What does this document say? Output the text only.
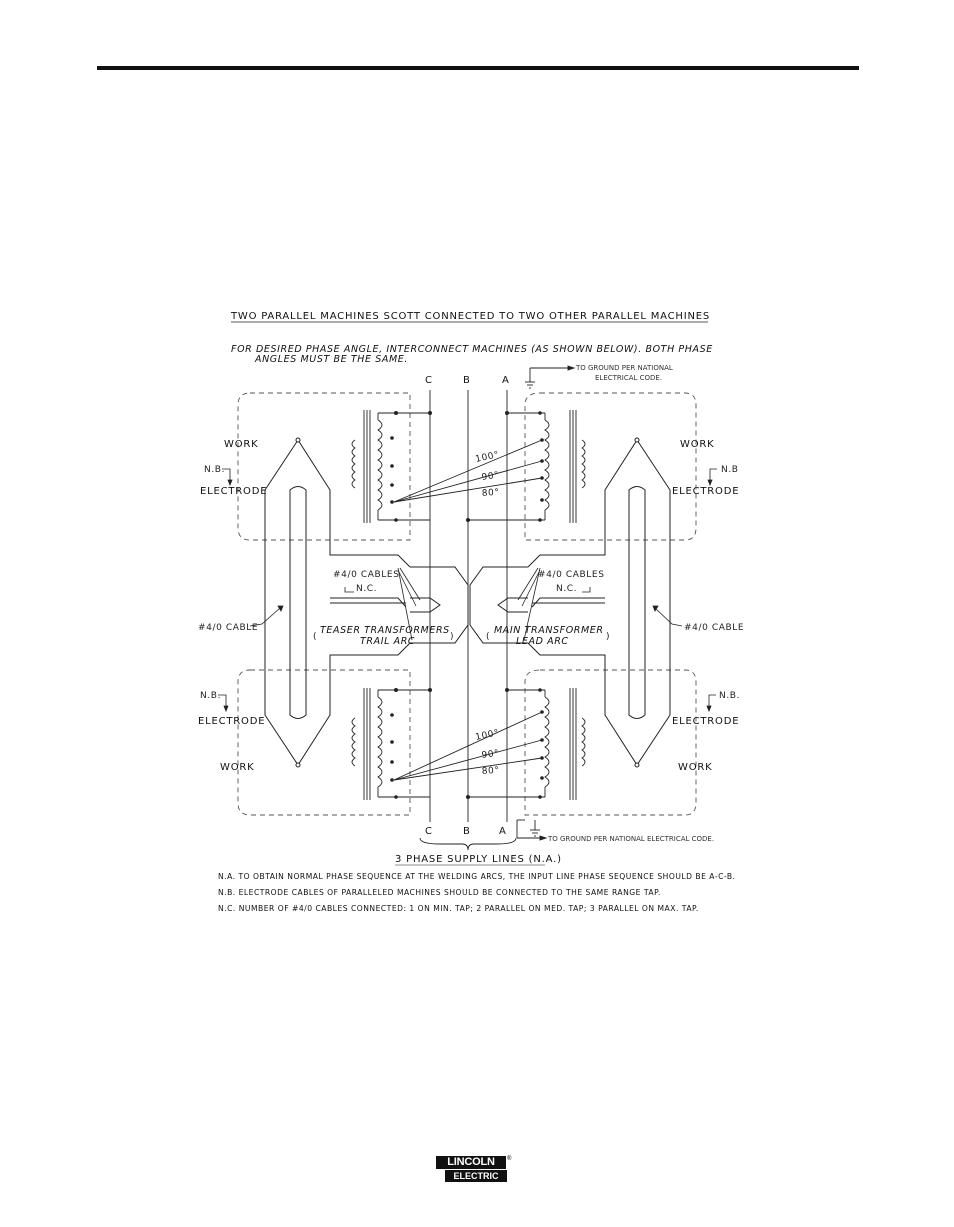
TWO PARALLEL MACHINES SCOTT CONNECTED TO TWO OTHER PARALLEL MACHINES
FOR DESIRED PHASE ANGLE, INTERCONNECT MACHINES (AS SHOWN BELOW). BOTH PHASE
ANGLES MUST BE THE SAME.
C	B	A
TO GROUND PER NATIONAL
ELECTRICAL CODE.
100°
90°
80°
100°
90°
80°
WORK	WORK
WORK	WORK
N.B.	N.B
N.B.	N.B.
ELECTRODE	ELECTRODE
ELECTRODE	ELECTRODE
#4/0 CABLE	#4/0 CABLE
#4/0 CABLES
N.C.
#4/0 CABLES
N.C.
TEASER TRANSFORMERS
TRAIL ARC
MAIN TRANSFORMER
LEAD ARC
(	)	(	)
C	B	A
TO GROUND PER NATIONAL ELECTRICAL CODE.
3 PHASE SUPPLY LINES (N.A.)
N.A. TO OBTAIN NORMAL PHASE SEQUENCE AT THE WELDING ARCS, THE INPUT LINE PHASE SEQUENCE SHOULD BE A-C-B.
N.B. ELECTRODE CABLES OF PARALLELED MACHINES SHOULD BE CONNECTED TO THE SAME RANGE TAP.
N.C. NUMBER OF #4/0 CABLES CONNECTED: 1 ON MIN. TAP; 2 PARALLEL ON MED. TAP; 3 PARALLEL ON MAX. TAP.
LINCOLN	®
ELECTRIC
